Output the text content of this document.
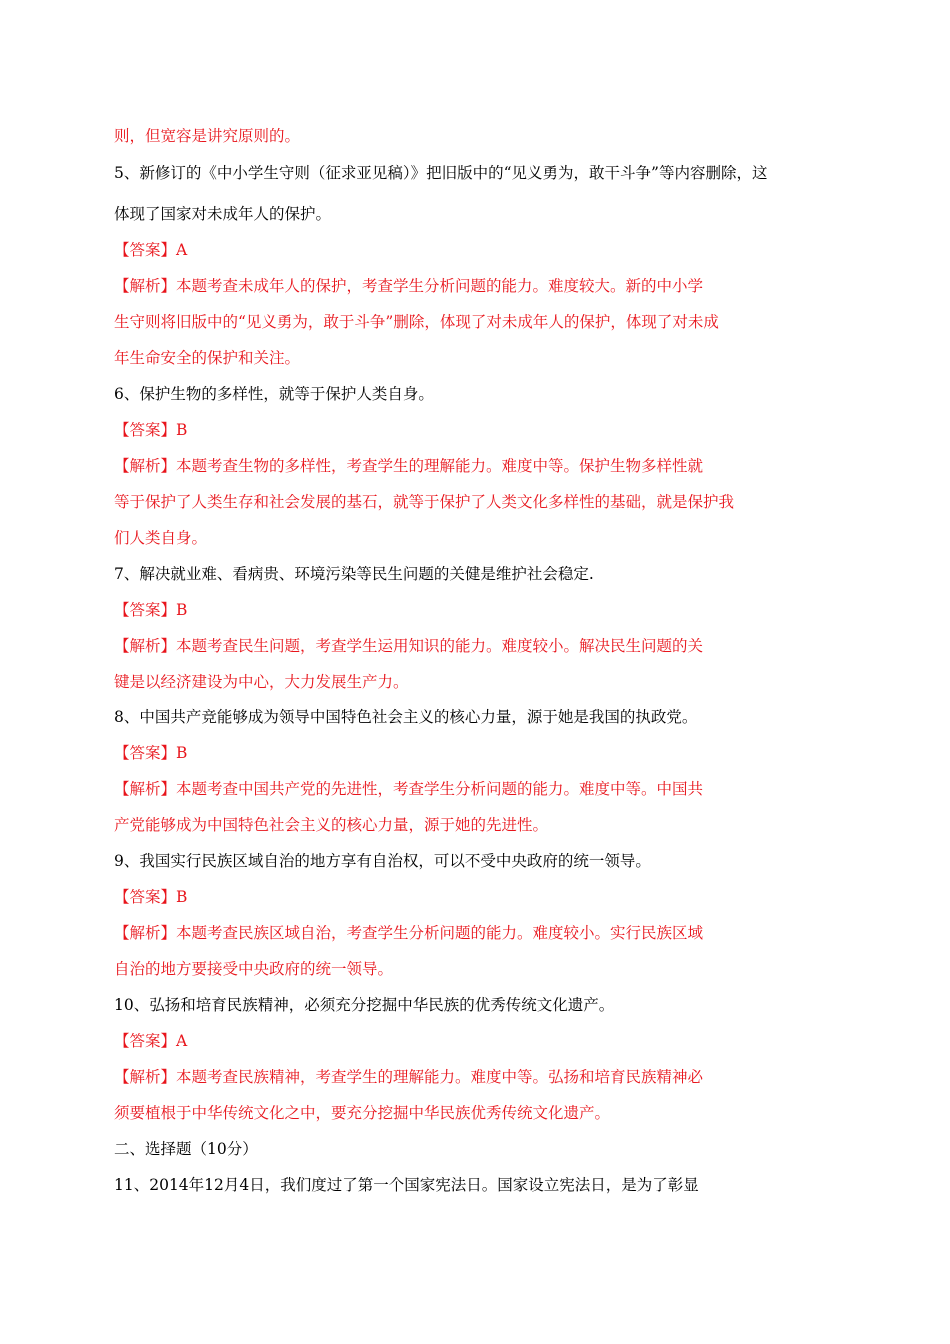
则，但宽容是讲究原则的。
5、新修订的《中小学生守则（征求亚见稿）》把旧版中的“见义勇为，敢干斗争”等内容删除，这
体现了国家对未成年人的保护。
【答案】A
【解析】本题考查未成年人的保护，考查学生分析问题的能力。难度较大。新的中小学
生守则将旧版中的“见义勇为，敢于斗争”删除，体现了对未成年人的保护，体现了对未成
年生命安全的保护和关注。
6、保护生物的多样性，就等于保护人类自身。
【答案】B
【解析】本题考查生物的多样性，考查学生的理解能力。难度中等。保护生物多样性就
等于保护了人类生存和社会发展的基石，就等于保护了人类文化多样性的基础，就是保护我
们人类自身。
7、解决就业难、看病贵、环境污染等民生问题的关健是维护社会稳定.
【答案】B
【解析】本题考查民生问题，考查学生运用知识的能力。难度较小。解决民生问题的关
键是以经济建设为中心，大力发展生产力。
8、中国共产竞能够成为领导中国特色社会主义的核心力量，源于她是我国的执政党。
【答案】B
【解析】本题考查中国共产党的先进性，考查学生分析问题的能力。难度中等。中国共
产党能够成为中国特色社会主义的核心力量，源于她的先进性。
9、我国实行民族区域自治的地方享有自治权，可以不受中央政府的统一领导。
【答案】B
【解析】本题考查民族区域自治，考查学生分析问题的能力。难度较小。实行民族区域
自治的地方要接受中央政府的统一领导。
10、弘扬和培育民族精神，必须充分挖掘中华民族的优秀传统文化遗产。
【答案】A
【解析】本题考查民族精神，考查学生的理解能力。难度中等。弘扬和培育民族精神必
须要植根于中华传统文化之中，要充分挖掘中华民族优秀传统文化遗产。
二、选择题（10分）
11、2014年12月4日，我们度过了第一个国家宪法日。国家设立宪法日，是为了彰显
